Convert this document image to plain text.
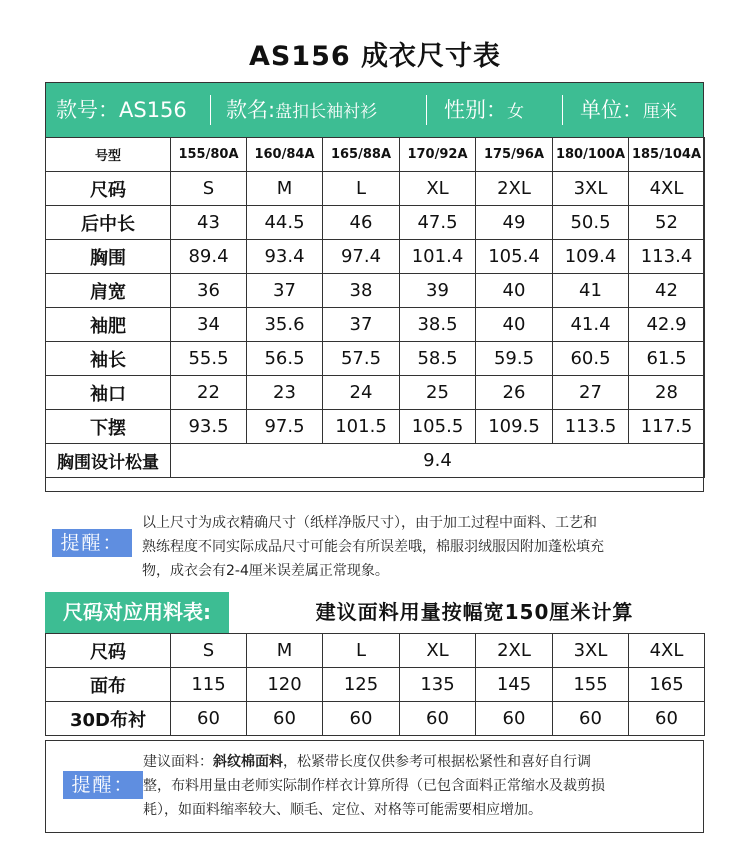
AS156 成衣尺寸表
款号：AS156 款名:盘扣长袖衬衫	性别：女	单位：厘米
号型	155/80A	160/84A	165/88A	170/92A	175/96A	180/100A	185/104A
尺码	S	M	L	XL	2XL	3XL	4XL
后中长	43	44.5	46	47.5	49	50.5	52
胸围	89.4	93.4	97.4	101.4	105.4	109.4	113.4
肩宽	36	37	38	39	40	41	42
袖肥	34	35.6	37	38.5	40	41.4	42.9
袖长	55.5	56.5	57.5	58.5	59.5	60.5	61.5
袖口	22	23	24	25	26	27	28
下摆	93.5	97.5	101.5	105.5	109.5	113.5	117.5
胸围设计松量	9.4						
提醒：
以上尺寸为成衣精确尺寸（纸样净版尺寸），由于加工过程中面料、工艺和
熟练程度不同实际成品尺寸可能会有所误差哦，棉服羽绒服因附加蓬松填充
物，成衣会有2-4厘米误差属正常现象。
尺码对应用料表:	建议面料用量按幅宽150厘米计算
尺码	S	M	L	XL	2XL	3XL	4XL
面布	115	120	125	135	145	155	165
30D布衬	60	60	60	60	60	60	60
提醒：
建议面料：斜纹棉面料，松紧带长度仅供参考可根据松紧性和喜好自行调
整，布料用量由老师实际制作样衣计算所得（已包含面料正常缩水及裁剪损
耗），如面料缩率较大、顺毛、定位、对格等可能需要相应增加。
